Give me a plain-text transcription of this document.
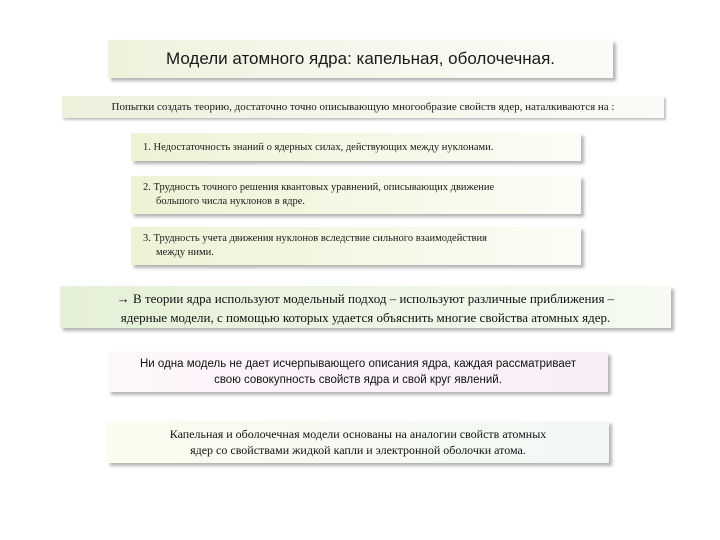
Модели атомного ядра: капельная, оболочечная.
Попытки создать теорию, достаточно точно описывающую многообразие свойств ядер, наталкиваются на :
1. Недостаточность знаний о ядерных силах, действующих между нуклонами.
2. Трудность точного решения квантовых уравнений, описывающих движение
большого числа нуклонов в ядре.
3. Трудность учета движения нуклонов вследствие сильного взаимодействия
между ними.
→ В теории ядра используют модельный подход – используют различные приближения –
ядерные модели, с помощью которых удается объяснить многие свойства атомных ядер.
Ни одна модель не дает исчерпывающего описания ядра, каждая рассматривает
свою совокупность свойств ядра и свой круг явлений.
Капельная и оболочечная модели основаны на аналогии свойств атомных
ядер со свойствами жидкой капли и электронной оболочки атома.
